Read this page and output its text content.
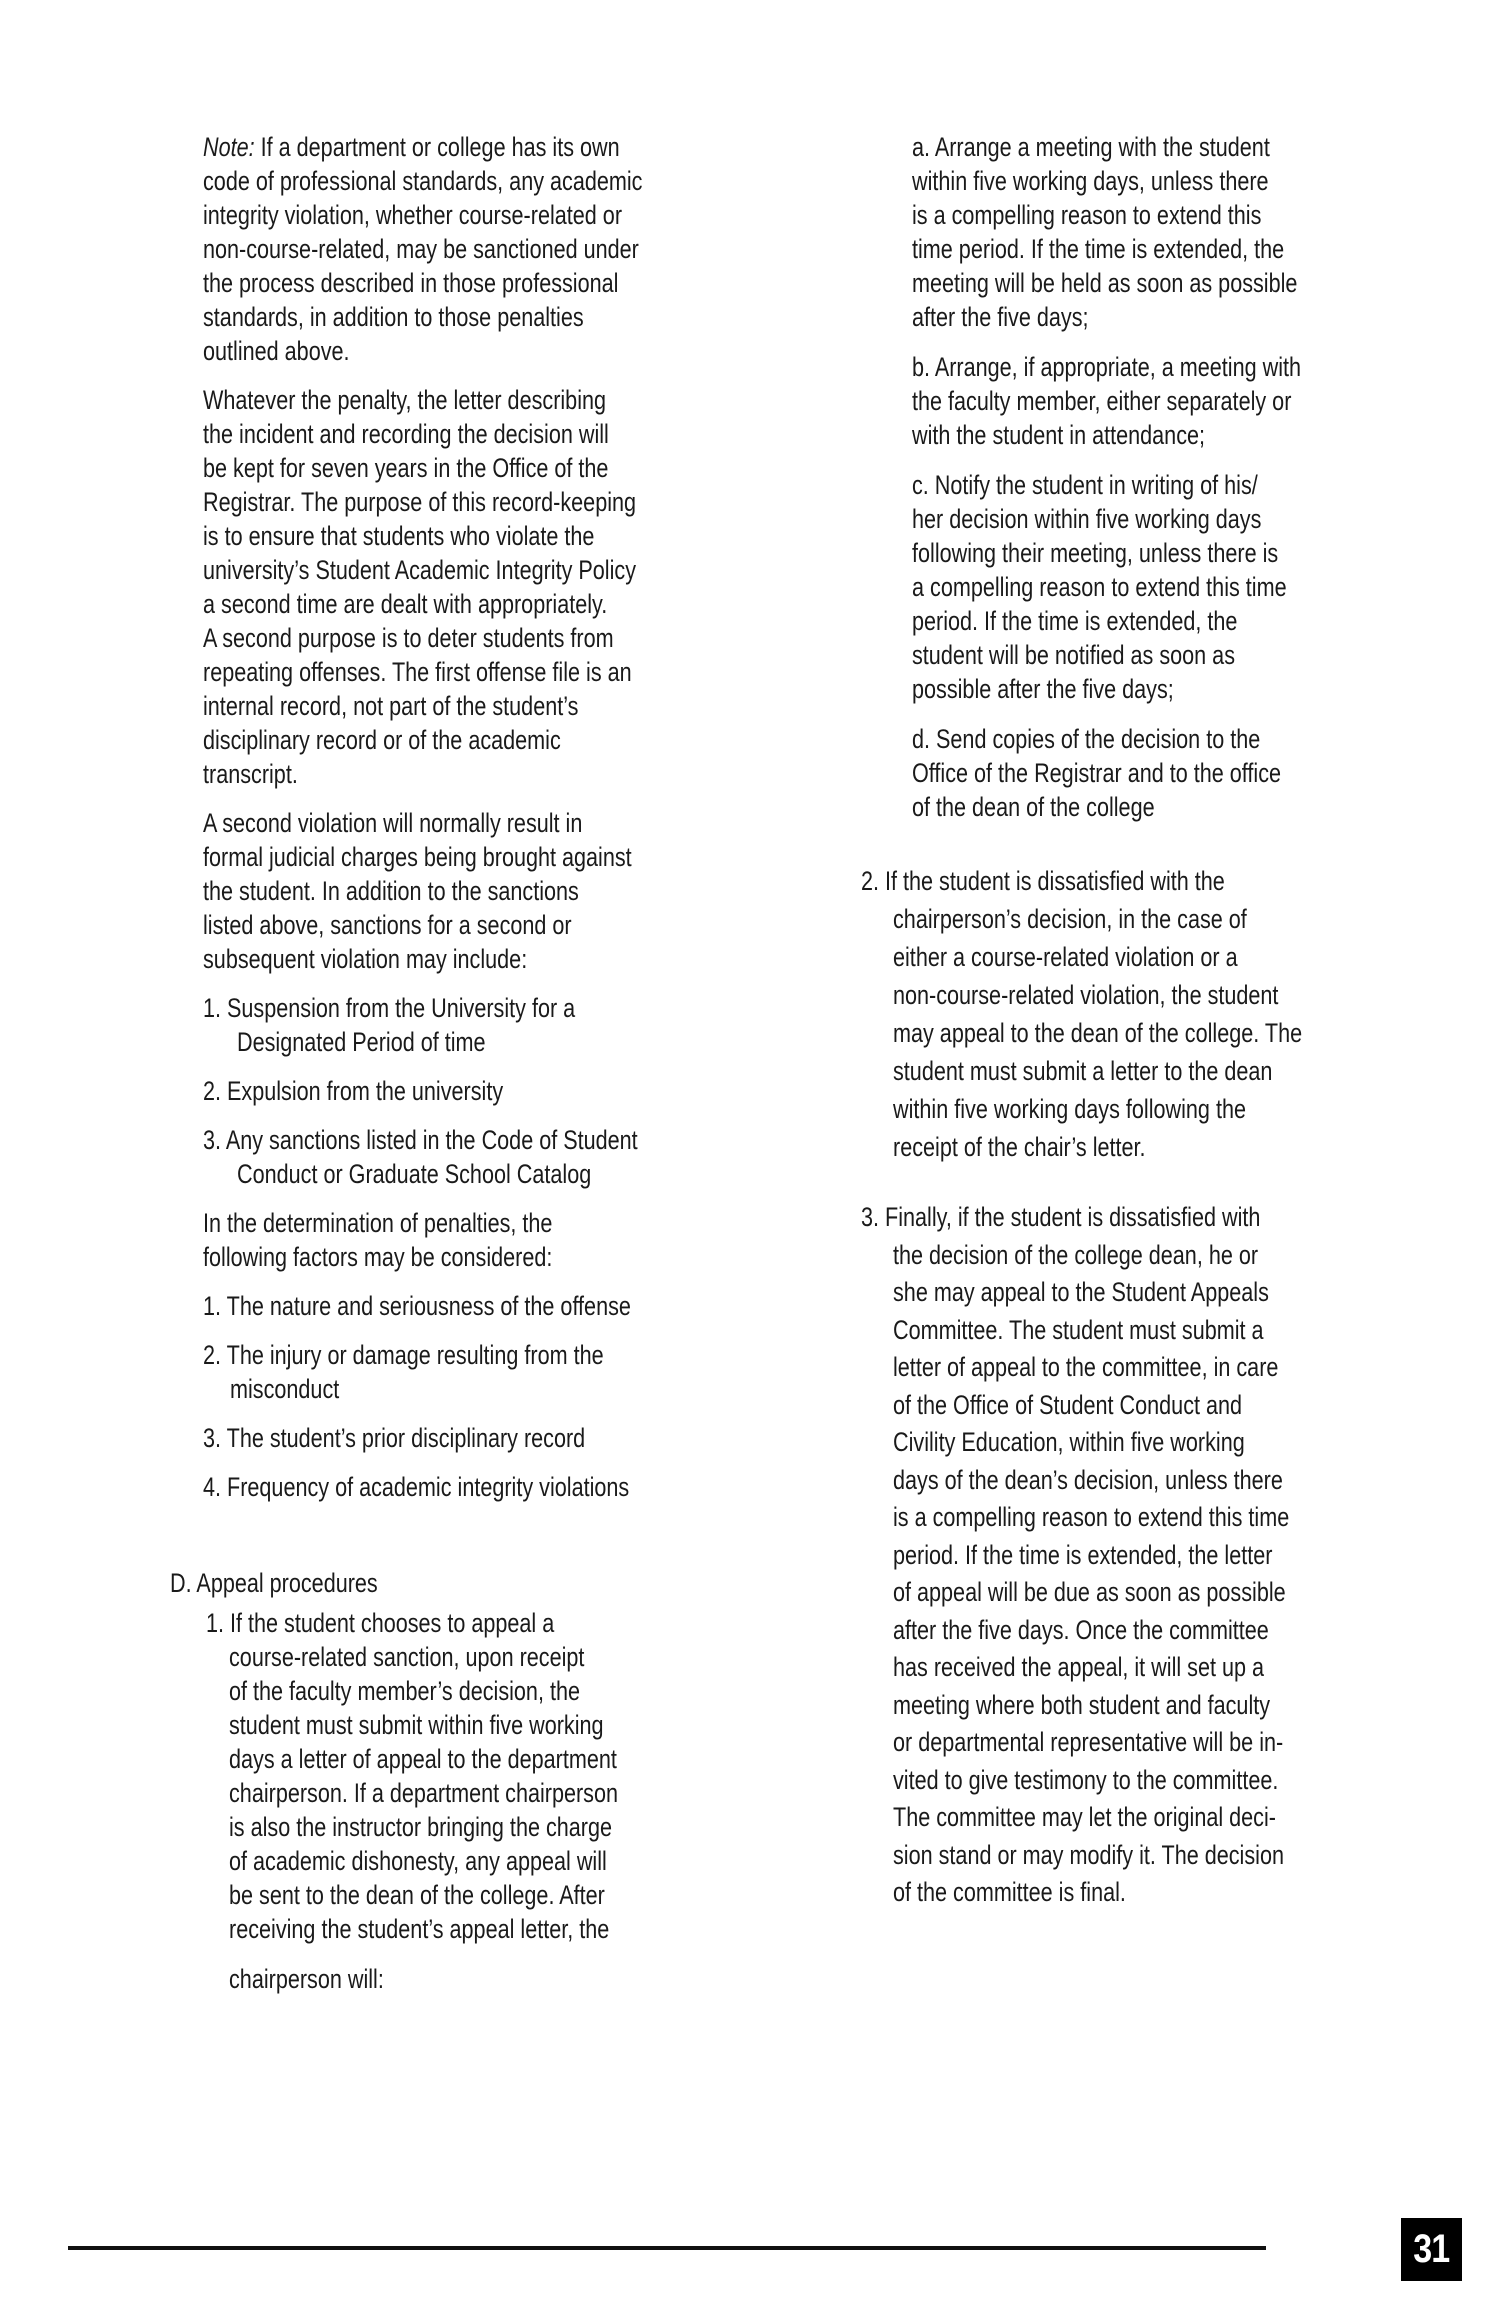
Note: If a department or college has its own
code of professional standards, any academic
integrity violation, whether course-related or
non-course-related, may be sanctioned under
the process described in those professional
standards, in addition to those penalties
outlined above.
Whatever the penalty, the letter describing
the incident and recording the decision will
be kept for seven years in the Office of the
Registrar. The purpose of this record-keeping
is to ensure that students who violate the
university’s Student Academic Integrity Policy
a second time are dealt with appropriately.
A second purpose is to deter students from
repeating offenses. The first offense file is an
internal record, not part of the student’s
disciplinary record or of the academic
transcript.
A second violation will normally result in
formal judicial charges being brought against
the student. In addition to the sanctions
listed above, sanctions for a second or
subsequent violation may include:
1. Suspension from the University for a
Designated Period of time
2. Expulsion from the university
3. Any sanctions listed in the Code of Student
Conduct or Graduate School Catalog
In the determination of penalties, the
following factors may be considered:
1. The nature and seriousness of the offense
2. The injury or damage resulting from the
misconduct
3. The student’s prior disciplinary record
4. Frequency of academic integrity violations
D. Appeal procedures
1. If the student chooses to appeal a
course-related sanction, upon receipt
of the faculty member’s decision, the
student must submit within five working
days a letter of appeal to the department
chairperson. If a department chairperson
is also the instructor bringing the charge
of academic dishonesty, any appeal will
be sent to the dean of the college. After
receiving the student’s appeal letter, the
chairperson will:
a. Arrange a meeting with the student
within five working days, unless there
is a compelling reason to extend this
time period. If the time is extended, the
meeting will be held as soon as possible
after the five days;
b. Arrange, if appropriate, a meeting with
the faculty member, either separately or
with the student in attendance;
c. Notify the student in writing of his/
her decision within five working days
following their meeting, unless there is
a compelling reason to extend this time
period. If the time is extended, the
student will be notified as soon as
possible after the five days;
d. Send copies of the decision to the
Office of the Registrar and to the office
of the dean of the college
2. If the student is dissatisfied with the
chairperson’s decision, in the case of
either a course-related violation or a
non-course-related violation, the student
may appeal to the dean of the college. The
student must submit a letter to the dean
within five working days following the
receipt of the chair’s letter.
3. Finally, if the student is dissatisfied with
the decision of the college dean, he or
she may appeal to the Student Appeals
Committee. The student must submit a
letter of appeal to the committee, in care
of the Office of Student Conduct and
Civility Education, within five working
days of the dean’s decision, unless there
is a compelling reason to extend this time
period. If the time is extended, the letter
of appeal will be due as soon as possible
after the five days. Once the committee
has received the appeal, it will set up a
meeting where both student and faculty
or departmental representative will be in-
vited to give testimony to the committee.
The committee may let the original deci-
sion stand or may modify it. The decision
of the committee is final.
31
